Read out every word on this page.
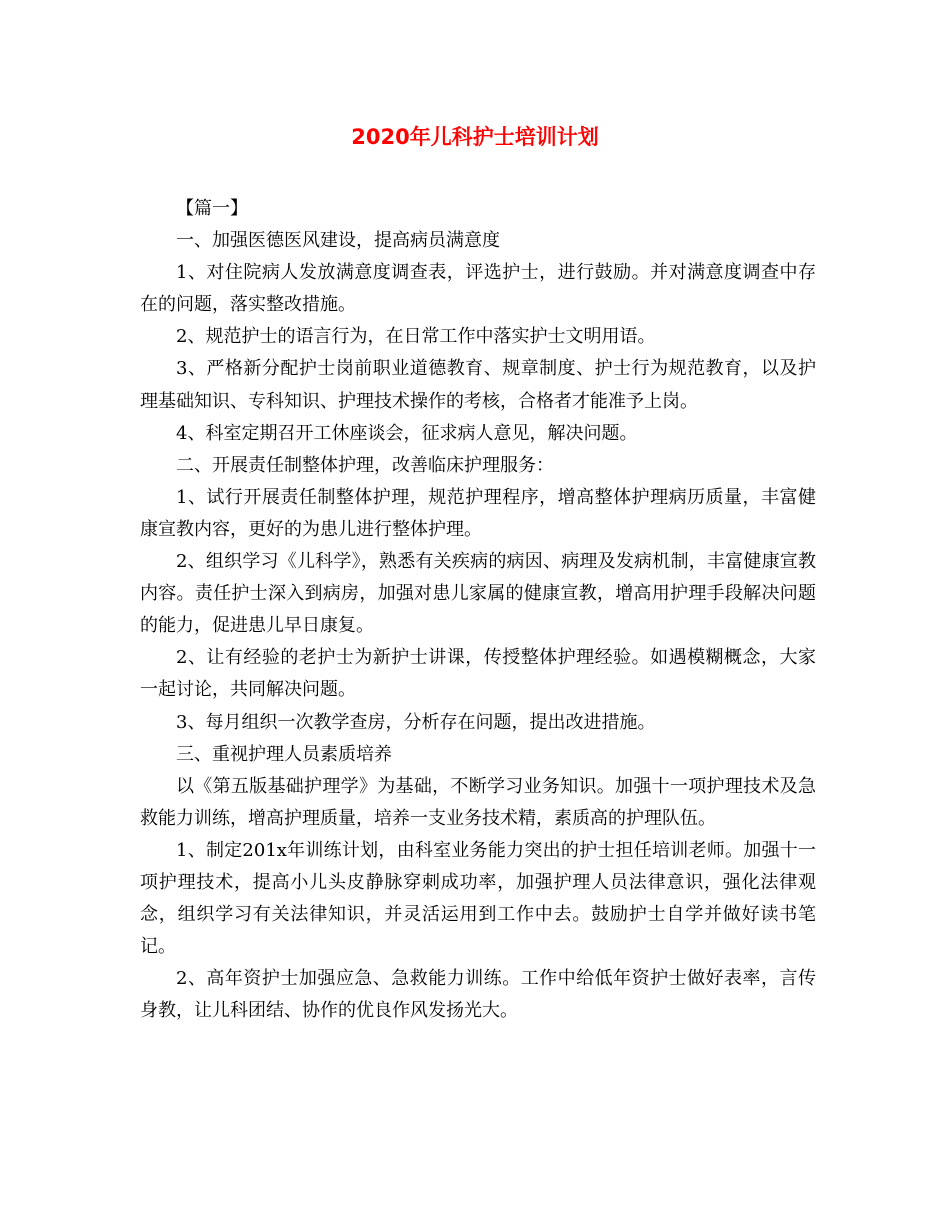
2020年儿科护士培训计划

【篇一】

一、加强医德医风建设，提高病员满意度

1、对住院病人发放满意度调查表，评选护士，进行鼓励。并对满意度调查中存在的问题，落实整改措施。

2、规范护士的语言行为，在日常工作中落实护士文明用语。

3、严格新分配护士岗前职业道德教育、规章制度、护士行为规范教育，以及护理基础知识、专科知识、护理技术操作的考核，合格者才能准予上岗。

4、科室定期召开工休座谈会，征求病人意见，解决问题。

二、开展责任制整体护理，改善临床护理服务：

1、试行开展责任制整体护理，规范护理程序，增高整体护理病历质量，丰富健康宣教内容，更好的为患儿进行整体护理。

2、组织学习《儿科学》，熟悉有关疾病的病因、病理及发病机制，丰富健康宣教内容。责任护士深入到病房，加强对患儿家属的健康宣教，增高用护理手段解决问题的能力，促进患儿早日康复。

2、让有经验的老护士为新护士讲课，传授整体护理经验。如遇模糊概念，大家一起讨论，共同解决问题。

3、每月组织一次教学查房，分析存在问题，提出改进措施。

三、重视护理人员素质培养

以《第五版基础护理学》为基础，不断学习业务知识。加强十一项护理技术及急救能力训练，增高护理质量，培养一支业务技术精，素质高的护理队伍。

1、制定201x年训练计划，由科室业务能力突出的护士担任培训老师。加强十一项护理技术，提高小儿头皮静脉穿刺成功率，加强护理人员法律意识，强化法律观念，组织学习有关法律知识，并灵活运用到工作中去。鼓励护士自学并做好读书笔记。

2、高年资护士加强应急、急救能力训练。工作中给低年资护士做好表率，言传身教，让儿科团结、协作的优良作风发扬光大。
